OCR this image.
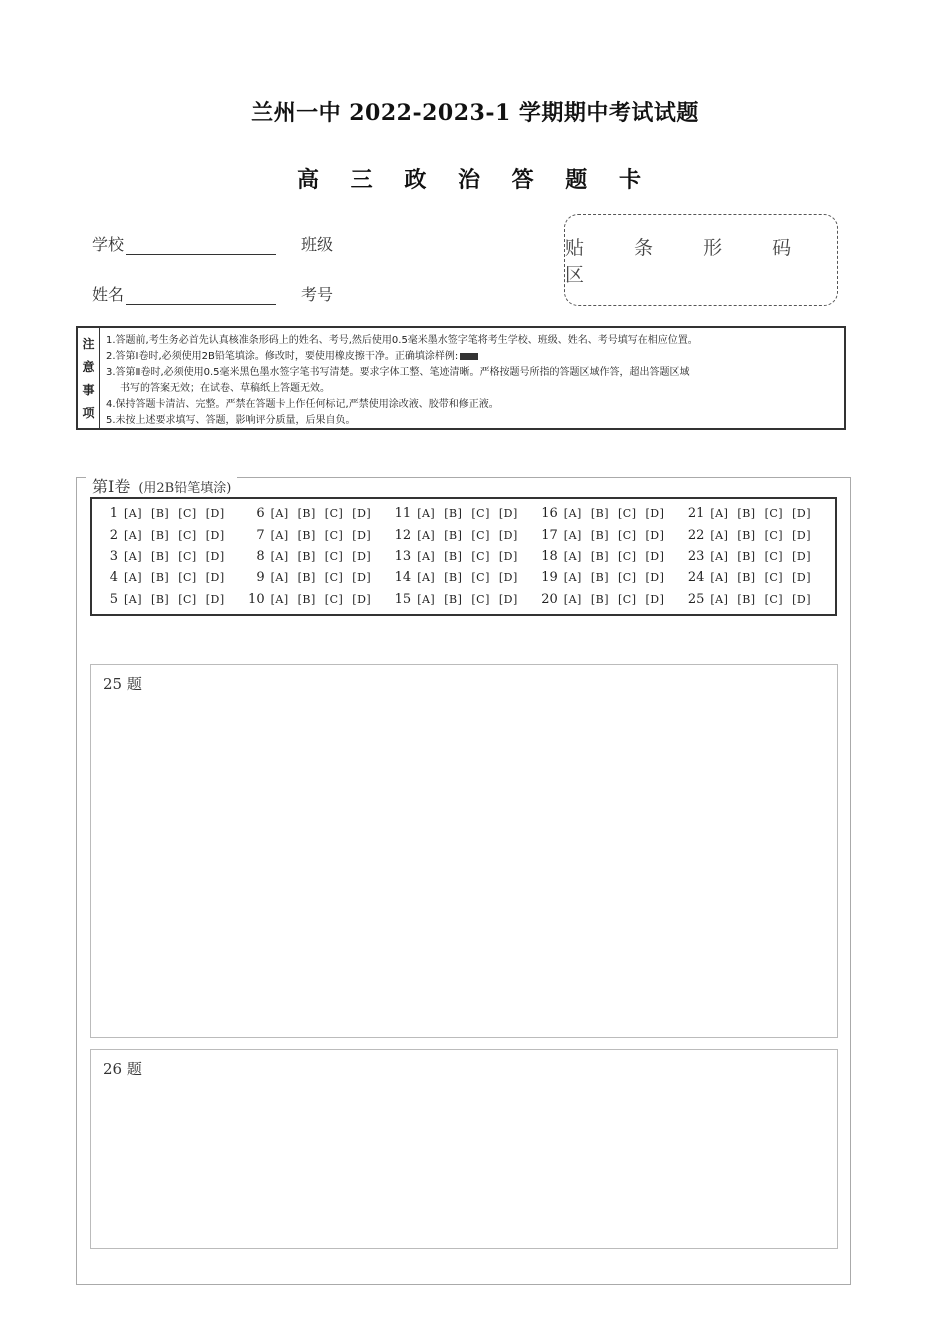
兰州一中 2022-2023-1 学期期中考试试题
高 三 政 治 答 题 卡
学校	班级
姓名	考号
贴 条 形 码 区
注
意
事
项
1.答题前,考生务必首先认真核准条形码上的姓名、考号,然后使用0.5毫米墨水签字笔将考生学校、班级、姓名、考号填写在相应位置。
2.答第Ⅰ卷时,必须使用2B铅笔填涂。修改时，要使用橡皮擦干净。正确填涂样例:
3.答第Ⅱ卷时,必须使用0.5毫米黑色墨水签字笔书写清楚。要求字体工整、笔迹清晰。严格按题号所指的答题区域作答，超出答题区域
书写的答案无效；在试卷、草稿纸上答题无效。
4.保持答题卡清洁、完整。严禁在答题卡上作任何标记,严禁使用涂改液、胶带和修正液。
5.未按上述要求填写、答题，影响评分质量，后果自负。
第Ⅰ卷 (用2B铅笔填涂)
1 [A] [B] [C] [D]
2 [A] [B] [C] [D]
3 [A] [B] [C] [D]
4 [A] [B] [C] [D]
5 [A] [B] [C] [D]
6 [A] [B] [C] [D]
7 [A] [B] [C] [D]
8 [A] [B] [C] [D]
9 [A] [B] [C] [D]
10 [A] [B] [C] [D]
11 [A] [B] [C] [D]
12 [A] [B] [C] [D]
13 [A] [B] [C] [D]
14 [A] [B] [C] [D]
15 [A] [B] [C] [D]
16 [A] [B] [C] [D]
17 [A] [B] [C] [D]
18 [A] [B] [C] [D]
19 [A] [B] [C] [D]
20 [A] [B] [C] [D]
21 [A] [B] [C] [D]
22 [A] [B] [C] [D]
23 [A] [B] [C] [D]
24 [A] [B] [C] [D]
25 [A] [B] [C] [D]
25 题
26 题
